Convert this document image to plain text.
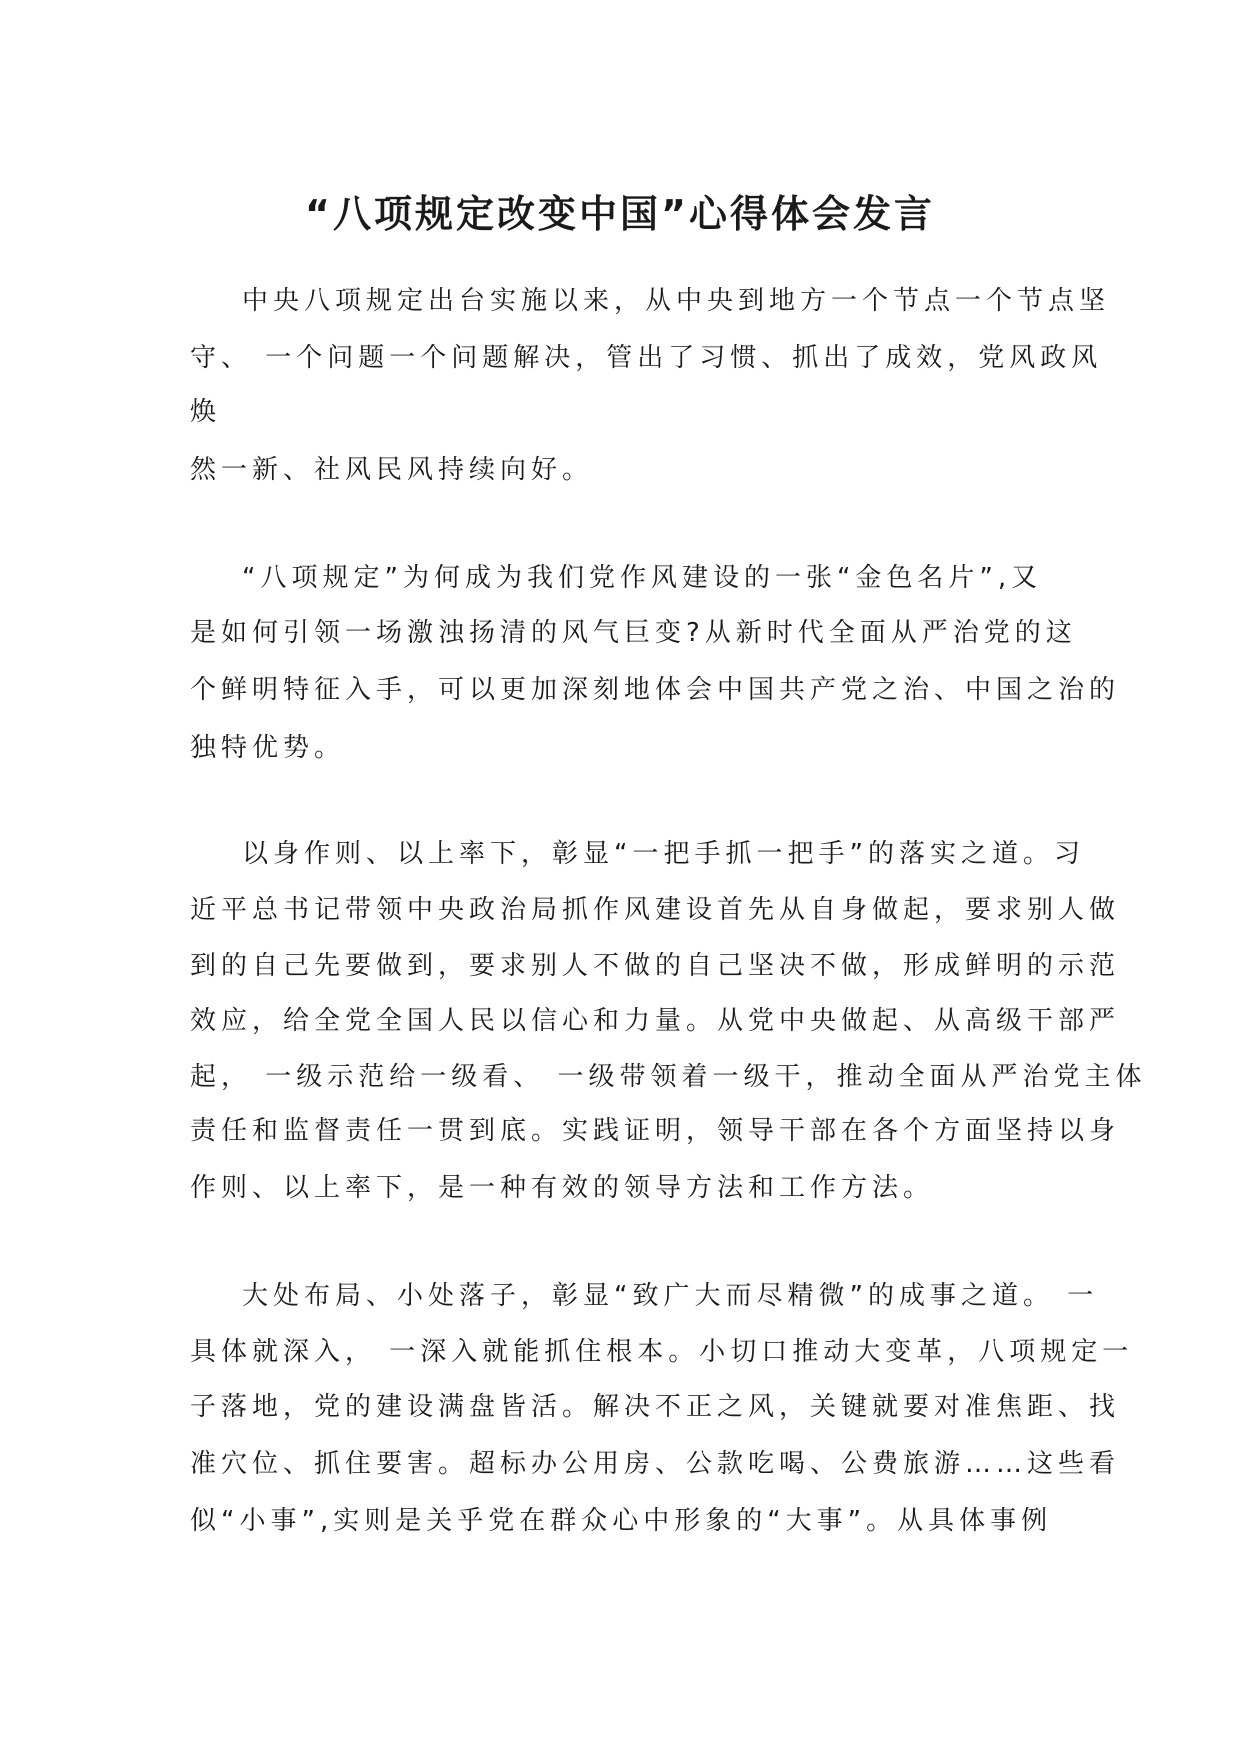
“八项规定改变中国”心得体会发言
中央八项规定出台实施以来，从中央到地方一个节点一个节点坚
守、 一个问题一个问题解决，管出了习惯、抓出了成效，党风政风
焕
然一新、社风民风持续向好。
“八项规定”为何成为我们党作风建设的一张“金色名片”,又
是如何引领一场激浊扬清的风气巨变?从新时代全面从严治党的这
个鲜明特征入手，可以更加深刻地体会中国共产党之治、中国之治的
独特优势。
以身作则、以上率下，彰显“一把手抓一把手”的落实之道。习
近平总书记带领中央政治局抓作风建设首先从自身做起，要求别人做
到的自己先要做到，要求别人不做的自己坚决不做，形成鲜明的示范
效应，给全党全国人民以信心和力量。从党中央做起、从高级干部严
起， 一级示范给一级看、 一级带领着一级干，推动全面从严治党主体
责任和监督责任一贯到底。实践证明，领导干部在各个方面坚持以身
作则、以上率下，是一种有效的领导方法和工作方法。
大处布局、小处落子，彰显“致广大而尽精微”的成事之道。 一
具体就深入， 一深入就能抓住根本。小切口推动大变革，八项规定一
子落地，党的建设满盘皆活。解决不正之风，关键就要对准焦距、找
准穴位、抓住要害。超标办公用房、公款吃喝、公费旅游……这些看
似“小事”,实则是关乎党在群众心中形象的“大事”。从具体事例
